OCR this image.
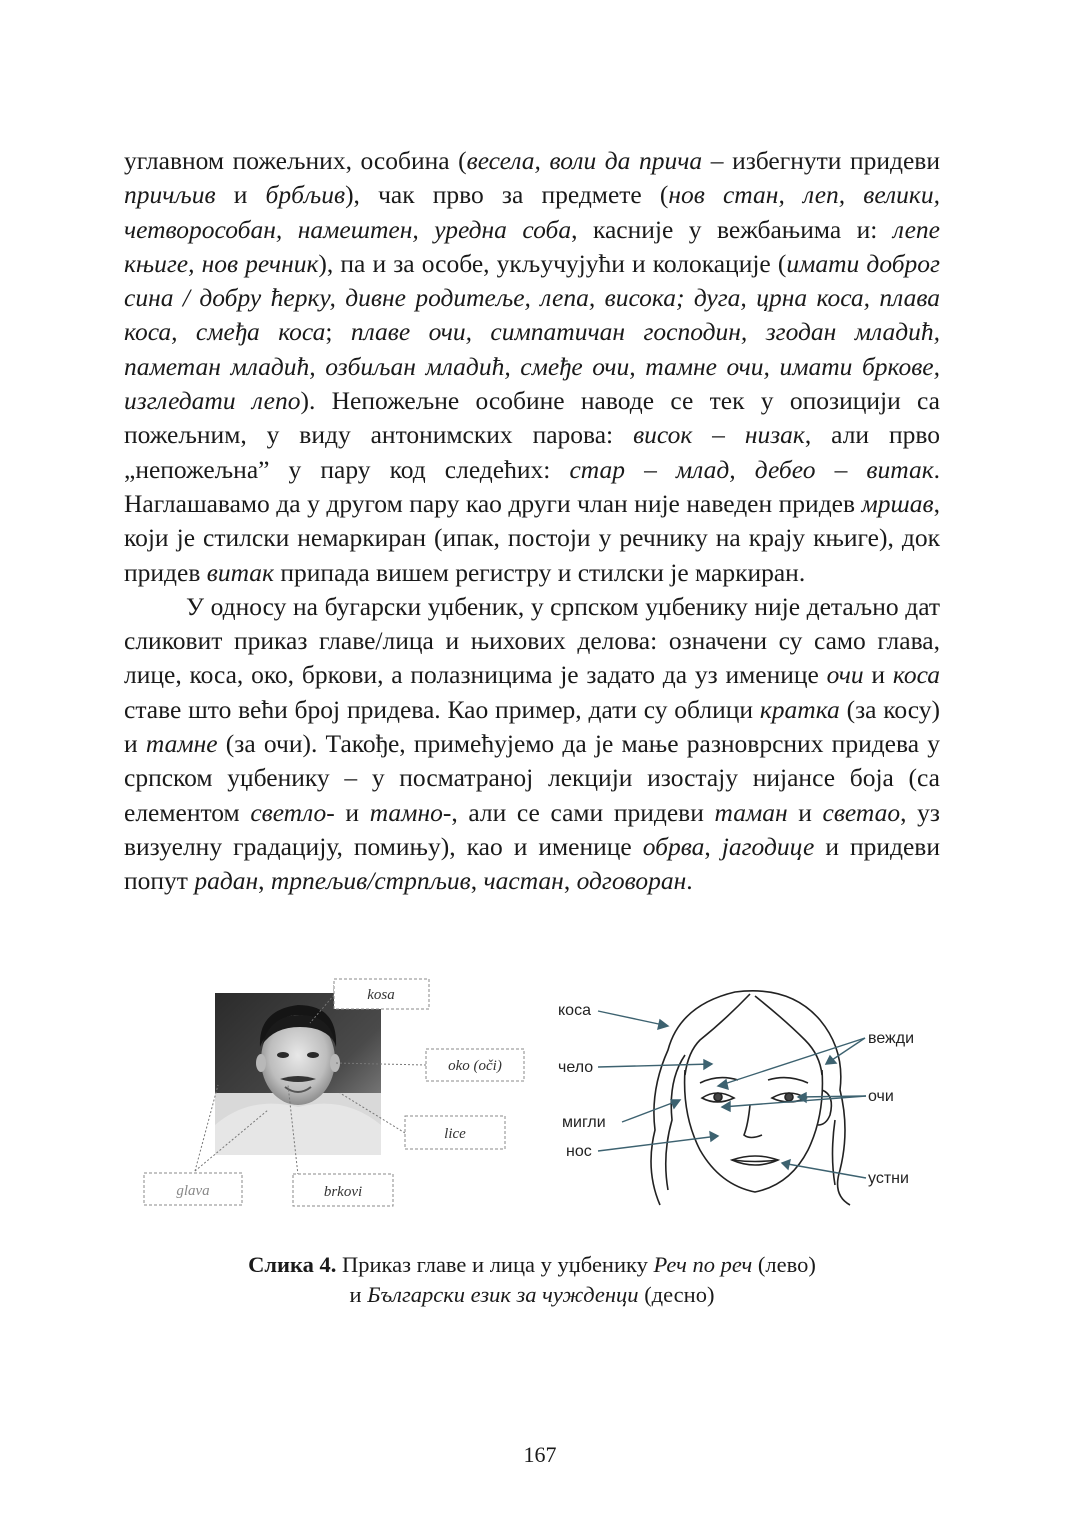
углавном пожељних, особина (весела, воли да прича – избегнути придеви причљив и брбљив), чак прво за предмете (нов стан, леп, велики, четворособан, намештен, уредна соба, касније у вежбањима и: лепе књиге, нов речник), па и за особе, укључујући и колокације (имати доброг сина / добру ћерку, дивне родитеље, лепа, висока; дуга, црна коса, плава коса, смеђа коса; плаве очи, симпатичан господин, згодан младић, паметан младић, озбиљан младић, смеђе очи, тамне очи, имати бркове, изгледати лепо). Непожељне особине наводе се тек у опозицији са пожељним, у виду антонимских парова: висок – низак, али прво „непожељна” у пару код следећих: стар – млад, дебео – витак. Наглашавамо да у другом пару као други члан није наведен придев мршав, који је стилски немаркиран (ипак, постоји у речнику на крају књиге), док придев витак припада вишем регистру и стилски је маркиран.

У односу на бугарски уџбеник, у српском уџбенику није детаљно дат сликовит приказ главе/лица и њихових делова: означени су само глава, лице, коса, око, бркови, а полазницима је задато да уз именице очи и коса ставе што већи број придева. Као пример, дати су облици кратка (за косу) и тамне (за очи). Такође, примећујемо да је мање разноврсних придева у српском уџбенику – у посматраној лекцији изостају нијансе боја (са елементом светло- и тамно-, али се сами придеви таман и светао, уз визуелну градацију, помињу), као и именице обрва, јагодице и придеви попут радан, трпељив/стрпљив, частан, одговоран.

kosa
oko (oči)
lice
glava	brkovi
коса
чело
мигли
нос
вежди
очи
устни
Слика 4. Приказ главе и лица у уџбенику Реч по реч (лево)
и Български език за чужденци (десно)
167
